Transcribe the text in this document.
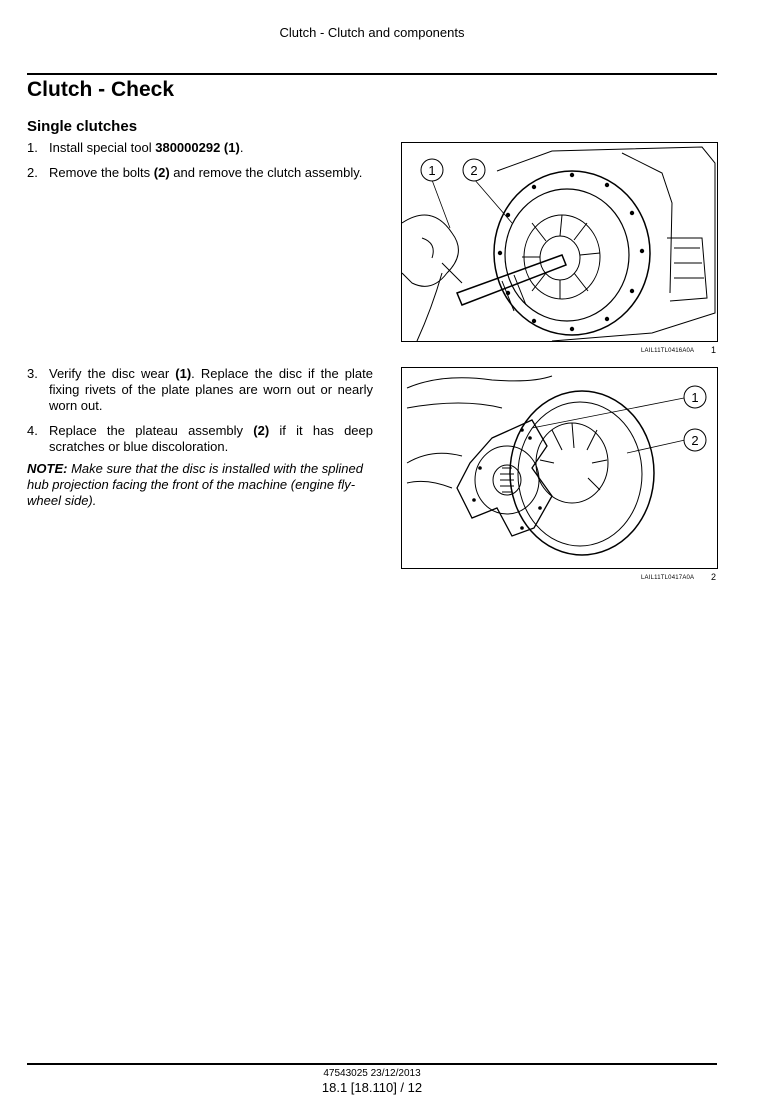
Clutch - Clutch and components
Clutch - Check
Single clutches
1. Install special tool 380000292 (1).
2. Remove the bolts (2) and remove the clutch assembly.
3. Verify the disc wear (1). Replace the disc if the plate fixing rivets of the plate planes are worn out or nearly worn out.
4. Replace the plateau assembly (2) if it has deep scratches or blue discoloration.

NOTE: Make sure that the disc is installed with the splined hub projection facing the front of the machine (engine fly-wheel side).

1	2
LAIL11TL0416A0A 1
1
2
LAIL11TL0417A0A 2
47543025 23/12/2013
18.1 [18.110] / 12
